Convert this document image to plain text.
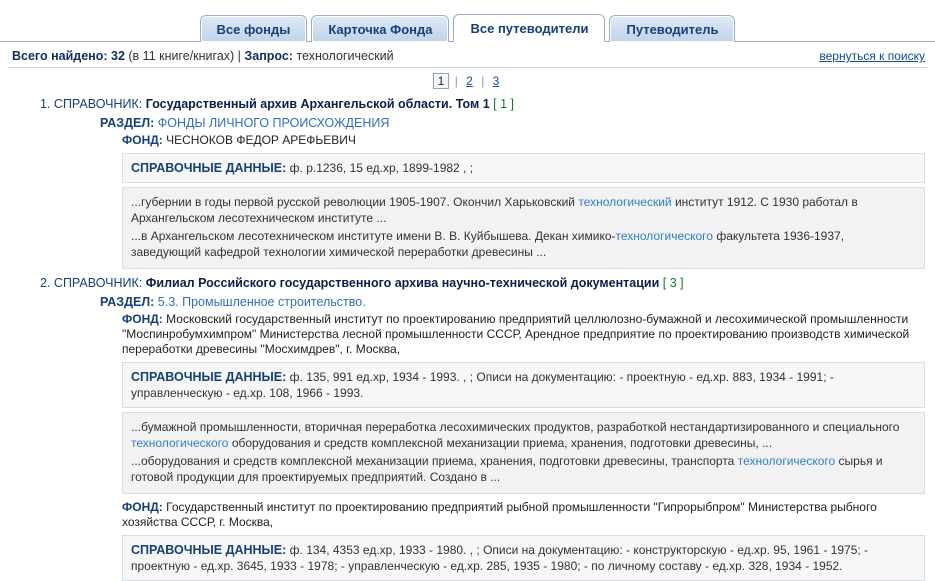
Все фонды	Карточка Фонда	Все путеводители	Путеводитель
Всего найдено: 32 (в 11 книге/книгах) | Запрос: технологический	вернуться к поиску
1 | 2 | 3
1. СПРАВОЧНИК: Государственный архив Архангельской области. Том 1 [ 1 ]
РАЗДЕЛ: ФОНДЫ ЛИЧНОГО ПРОИСХОЖДЕНИЯ
ФОНД: ЧЕСНОКОВ ФЕДОР АРЕФЬЕВИЧ
СПРАВОЧНЫЕ ДАННЫЕ: ф. р.1236, 15 ед.хр, 1899-1982 , ;

...губернии в годы первой русской революции 1905-1907. Окончил Харьковский технологический институт 1912. С 1930 работал в Архангельском лесотехническом институте ...

...в Архангельском лесотехническом институте имени В. В. Куйбышева. Декан химико-технологического факультета 1936-1937, заведующий кафедрой технологии химической переработки древесины ...

2. СПРАВОЧНИК: Филиал Российского государственного архива научно-технической документации [ 3 ]
РАЗДЕЛ: 5.3. Промышленное строительство.
ФОНД: Московский государственный институт по проектированию предприятий целлюлозно-бумажной и лесохимической промышленности "Моспинробумхимпром" Министерства лесной промышленности СССР, Арендное предприятие по проектированию производств химической переработки древесины "Мосхимдрев", г. Москва,
СПРАВОЧНЫЕ ДАННЫЕ: ф. 135, 991 ед.хр, 1934 - 1993. , ; Описи на документацию: - проектную - ед.хр. 883, 1934 - 1991; - управленческую - ед.хр. 108, 1966 - 1993.

...бумажной промышленности, вторичная переработка лесохимических продуктов, разработкой нестандартизированного и специального технологического оборудования и средств комплексной механизации приема, хранения, подготовки древесины, ...

...оборудования и средств комплексной механизации приема, хранения, подготовки древесины, транспорта технологического сырья и готовой продукции для проектируемых предприятий. Создано в ...

ФОНД: Государственный институт по проектированию предприятий рыбной промышленности "Гипрорыбпром" Министерства рыбного хозяйства СССР, г. Москва,
СПРАВОЧНЫЕ ДАННЫЕ: ф. 134, 4353 ед.хр, 1933 - 1980. , ; Описи на документацию: - конструкторскую - ед.хр. 95, 1961 - 1975; - проектную - ед.хр. 3645, 1933 - 1978; - управленческую - ед.хр. 285, 1935 - 1980; - по личному составу - ед.хр. 328, 1934 - 1952.
